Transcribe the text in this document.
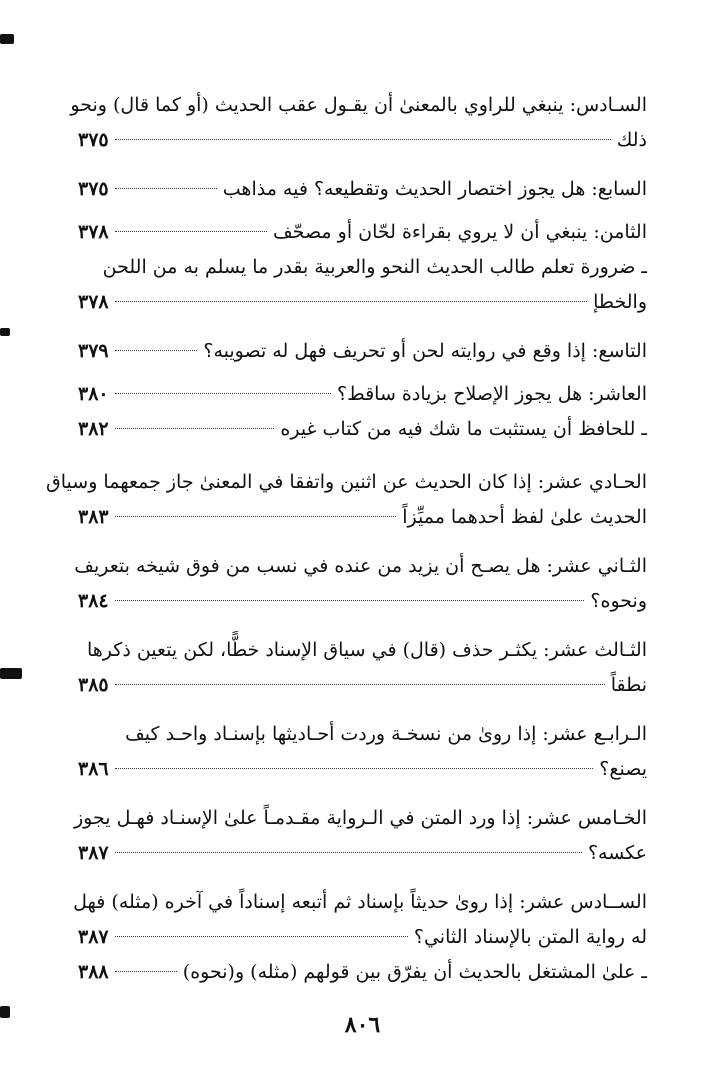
السـادس: ينبغي للراوي بالمعنىٰ أن يقـول عقب الحديث (أو كما قال) ونحو
ذلك
٣٧٥
السابع: هل يجوز اختصار الحديث وتقطيعه؟ فيه مذاهب
٣٧٥
الثامن: ينبغي أن لا يروي بقراءة لحّان أو مصحّف
٣٧٨
ـ ضرورة تعلم طالب الحديث النحو والعربية بقدر ما يسلم به من اللحن
والخطإ
٣٧٨
التاسع: إذا وقع في روايته لحن أو تحريف فهل له تصويبه؟
٣٧٩
العاشر: هل يجوز الإصلاح بزيادة ساقط؟
٣٨٠
ـ للحافظ أن يستثبت ما شك فيه من كتاب غيره
٣٨٢
الحـادي عشر: إذا كان الحديث عن اثنين واتفقا في المعنىٰ جاز جمعهما وسياق
الحديث علىٰ لفظ أحدهما مميِّزاً
٣٨٣
الثـاني عشر: هل يصـح أن يزيد من عنده في نسب من فوق شيخه بتعريف
ونحوه؟
٣٨٤
الثـالث عشر: يكثـر حذف (قال) في سياق الإسناد خطًّا، لكن يتعين ذكرها
نطقاً
٣٨٥
الـرابـع عشر: إذا روىٰ من نسخـة وردت أحـاديثها بإسنـاد واحـد كيف
يصنع؟
٣٨٦
الخـامس عشر: إذا ورد المتن في الـرواية مقـدمـاً علىٰ الإسنـاد فهـل يجوز
عكسه؟
٣٨٧
الســادس عشر: إذا روىٰ حديثاً بإسناد ثم أتبعه إسناداً في آخره (مثله) فهل
له رواية المتن بالإسناد الثاني؟
٣٨٧
ـ علىٰ المشتغل بالحديث أن يفرّق بين قولهم (مثله) و(نحوه)
٣٨٨
٨٠٦
